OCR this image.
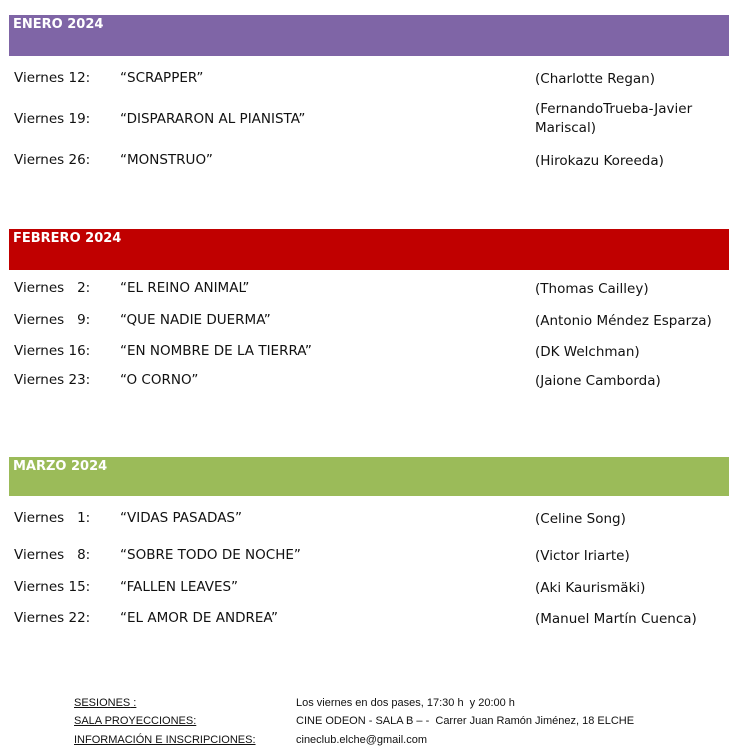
ENERO 2024
Viernes 12: “SCRAPPER”	(Charlotte Regan)
Viernes 19: “DISPARARON AL PIANISTA”
(FernandoTrueba-Javier Mariscal)
Viernes 26: “MONSTRUO”	(Hirokazu Koreeda)
FEBRERO 2024
Viernes   2: “EL REINO ANIMAL”	(Thomas Cailley)
Viernes   9: “QUE NADIE DUERMA”	(Antonio Méndez Esparza)
Viernes 16: “EN NOMBRE DE LA TIERRA”	(DK Welchman)
Viernes 23: “O CORNO”	(Jaione Camborda)
MARZO 2024
Viernes   1: “VIDAS PASADAS”	(Celine Song)
Viernes   8: “SOBRE TODO DE NOCHE”	(Victor Iriarte)
Viernes 15: “FALLEN LEAVES”	(Aki Kaurismäki)
Viernes 22: “EL AMOR DE ANDREA”	(Manuel Martín Cuenca)
SESIONES :	Los viernes en dos pases, 17:30 h  y 20:00 h
SALA PROYECCIONES:	CINE ODEON - SALA B – -  Carrer Juan Ramón Jiménez, 18 ELCHE
INFORMACIÓN E INSCRIPCIONES:	cineclub.elche@gmail.com
